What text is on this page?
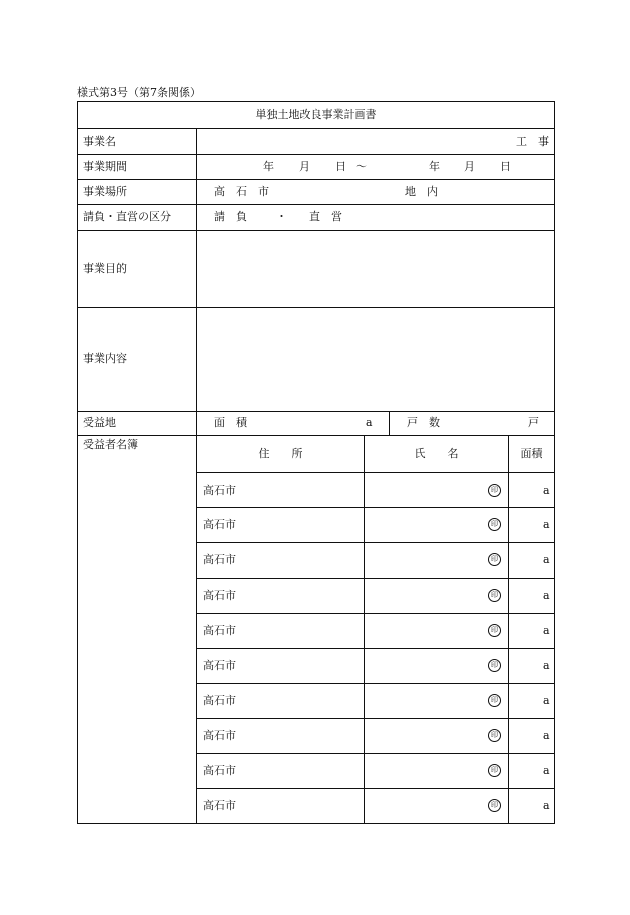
様式第3号（第7条関係）
単独土地改良事業計画書
事業名	工　事
事業期間	年 月 日 〜	年 月 日
事業場所	高　石　市	地　内
請負・直営の区分	請　負	・ 直　営
事業目的
事業内容
受益地	面　積	a	戸　数	戸
受益者名簿
住　　所	氏　　名	面積
高石市	印	a
高石市	印	a
高石市	印	a
高石市	印	a
高石市	印	a
高石市	印	a
高石市	印	a
高石市	印	a
高石市	印	a
高石市	印	a
